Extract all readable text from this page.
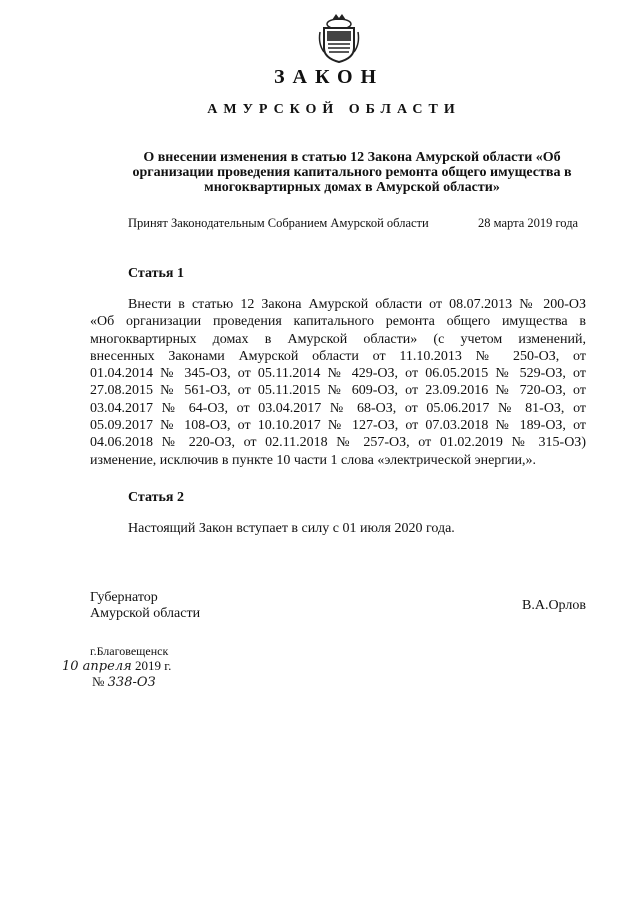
ЗАКОН
АМУРСКОЙ ОБЛАСТИ
О внесении изменения в статью 12 Закона Амурской области «Об
организации проведения капитального ремонта общего имущества в
многоквартирных домах в Амурской области»
Принят Законодательным Собранием Амурской области	28 марта 2019 года
Статья 1
Внести в статью 12 Закона Амурской области от 08.07.2013 № 200-ОЗ
«Об организации проведения капитального ремонта общего имущества в
многоквартирных домах в Амурской области» (с учетом изменений,
внесенных Законами Амурской области от 11.10.2013 № 250-ОЗ, от
01.04.2014 № 345-ОЗ, от 05.11.2014 № 429-ОЗ, от 06.05.2015 № 529-ОЗ, от
27.08.2015 № 561-ОЗ, от 05.11.2015 № 609-ОЗ, от 23.09.2016 № 720-ОЗ, от
03.04.2017 № 64-ОЗ, от 03.04.2017 № 68-ОЗ, от 05.06.2017 № 81-ОЗ, от
05.09.2017 № 108-ОЗ, от 10.10.2017 № 127-ОЗ, от 07.03.2018 № 189-ОЗ, от
04.06.2018 № 220-ОЗ, от 02.11.2018 № 257-ОЗ, от 01.02.2019 № 315-ОЗ)
изменение, исключив в пункте 10 части 1 слова «электрической энергии,».
Статья 2
Настоящий Закон вступает в силу с 01 июля 2020 года.
Губернатор
Амурской области
В.А.Орлов
г.Благовещенск
10 апреля 2019 г.
№ 338-ОЗ
